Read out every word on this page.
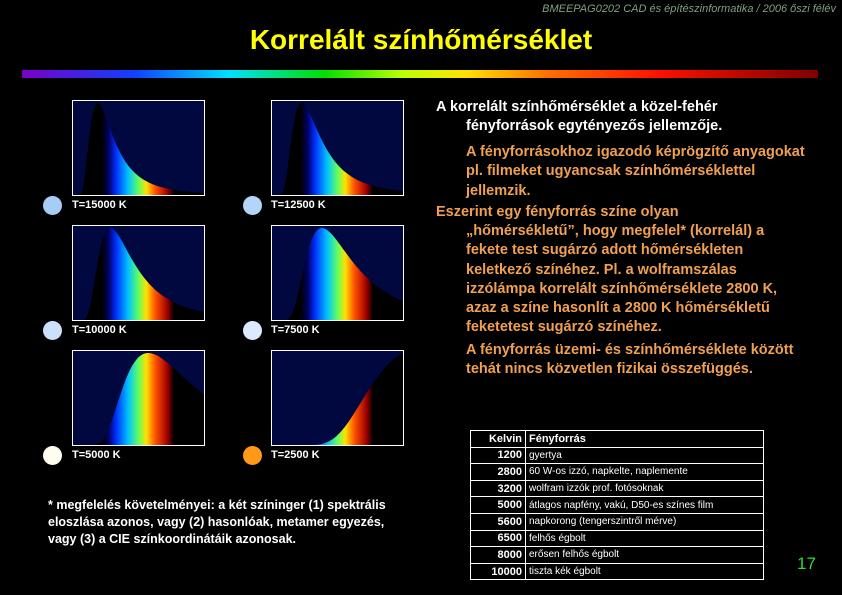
BMEEPAG0202 CAD és építészinformatika / 2006 őszi félév
Korrelált színhőmérséklet
T=15000 K	T=12500 K
T=10000 K	T=7500 K
T=5000 K	T=2500 K
* megfelelés követelményei: a két színinger (1) spektrális eloszlása azonos, vagy (2) hasonlóak, metamer egyezés, vagy (3) a CIE színkoordinátáik azonosak.
A korrelált színhőmérséklet a közel-fehér
fényforrások egytényezős jellemzője.
A fényforrásokhoz igazodó képrögzítő anyagokat pl. filmeket ugyancsak színhőmérséklettel jellemzik.
Eszerint egy fényforrás színe olyan
„hőmérsékletű”, hogy megfelel* (korrelál) a fekete test sugárzó adott hőmérsékleten keletkező színéhez. Pl. a wolframszálas izzólámpa korrelált színhőmérséklete 2800 K, azaz a színe hasonlít a 2800 K hőmérsékletű feketetest sugárzó színéhez.
A fényforrás üzemi- és színhőmérséklete között tehát nincs közvetlen fizikai összefüggés.
Kelvin	Fényforrás
1200	gyertya
2800	60 W-os izzó, napkelte, naplemente
3200	wolfram izzók prof. fotósoknak
5000	átlagos napfény, vakú, D50-es színes film
5600	napkorong (tengerszintről mérve)
6500	felhős égbolt
8000	erősen felhős égbolt
10000	tiszta kék égbolt	17
